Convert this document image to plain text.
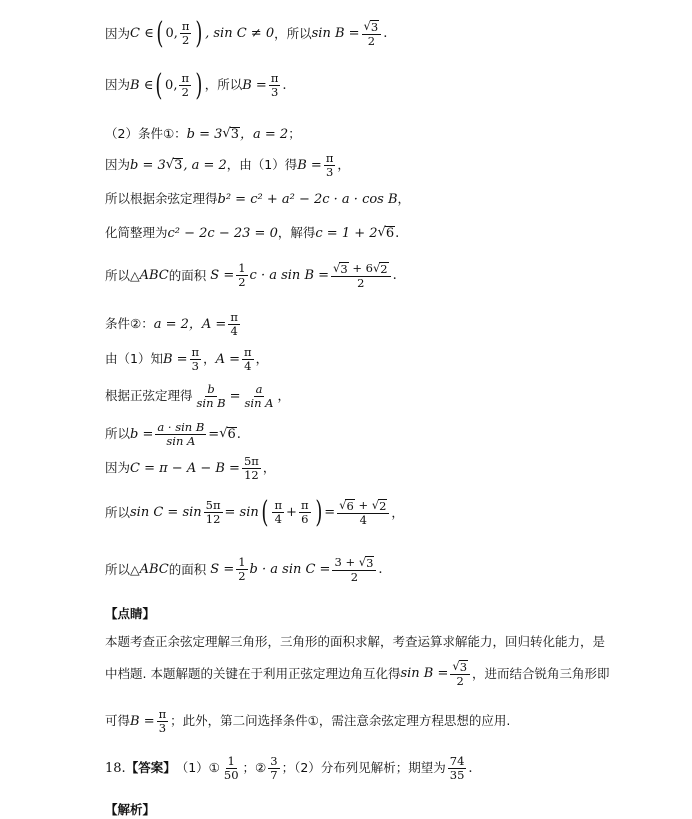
因为 C ∈ ( 0, $\frac{\pi}{2}$ ) , sin C ≠ 0 ，所以 $\sin B = \frac{√ 3}{2}$ .
因为 B ∈ ( 0, $\frac{\pi}{2}$ ) ，所以 $B = \frac{\pi}{3}$ .
（2）条件①： b = 3 √ 3 ，a = 2 ；
因为 b = 3 √ 3 , a = 2 ，由（1）得 $B = \frac{\pi}{3}$ ，
所以根据余弦定理得 b² = c² + a² − 2c · a · cos B ，
化简整理为 c² − 2c − 23 = 0 ，解得 c = 1 + 2 √ 6 .
所以△ ABC 的面积 $S = \frac{1}{2}$ c · a $\sin B = \frac{√ 3 + 6 √ 2}{2}$ .
条件②： a = 2， $A = \frac{\pi}{4}$
由（1）知 $B = \frac{\pi}{3}$ ， $A = \frac{\pi}{4}$ ，
根据正弦定理得 $\frac{b}{\text{sin B}} = \frac{a}{\text{sin A}}$ ，
所以 $b = \frac{\text{a · sin B}}{\text{sin A}}$ = √ 6 .
因为 $C = \pi - A - B = \frac{5\pi}{12}$ ，
所以 $\sin C = \sin \frac{5\pi}{12} = \sin$ ( $\frac{\pi}{4} + \frac{\pi}{6}$ ) = $\frac{√ 6 + √ 2}{4}$ ，
所以△ ABC 的面积 $S = \frac{1}{2}$ b · a $\sin C = \frac{3 + √ 3}{2}$ .
【点睛】
本题考查正余弦定理解三角形，三角形的面积求解，考查运算求解能力，回归转化能力，是
中档题. 本题解题的关键在于利用正弦定理边角互化得 $\sin B = \frac{√ 3}{2}$ ，进而结合锐角三角形即
可得 $B = \frac{\pi}{3}$ ；此外，第二问选择条件①，需注意余弦定理方程思想的应用.
18. 【答案】 （1）① $\frac{1}{50}$ ；② $\frac{3}{7}$ ；（2）分布列见解析；期望为 $\frac{74}{35}$ .
【解析】
